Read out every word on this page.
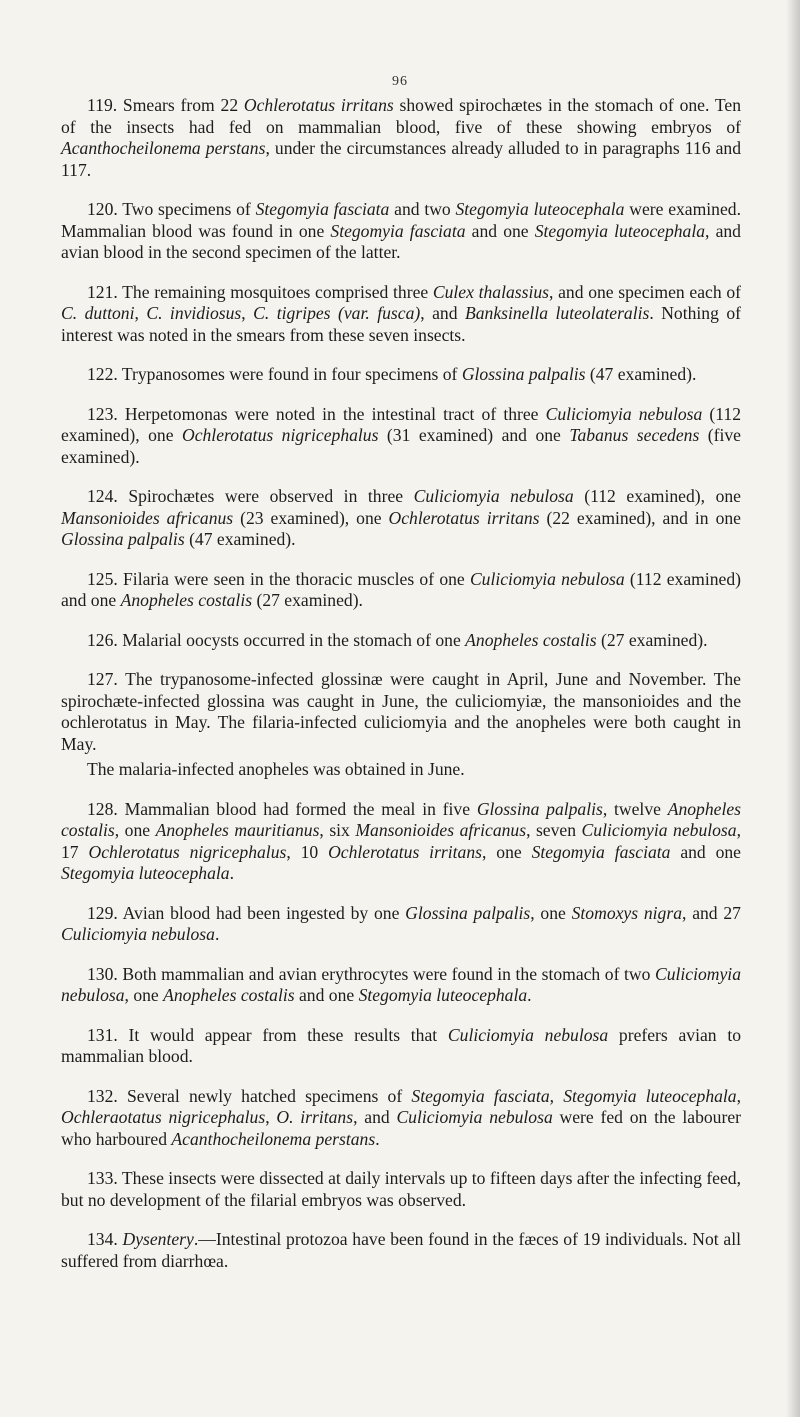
96

119. Smears from 22 Ochlerotatus irritans showed spirochætes in the stomach of one. Ten of the insects had fed on mammalian blood, five of these showing embryos of Acanthocheilonema perstans, under the circumstances already alluded to in paragraphs 116 and 117.

120. Two specimens of Stegomyia fasciata and two Stegomyia luteocephala were examined. Mammalian blood was found in one Stegomyia fasciata and one Stegomyia luteocephala, and avian blood in the second specimen of the latter.

121. The remaining mosquitoes comprised three Culex thalassius, and one specimen each of C. duttoni, C. invidiosus, C. tigripes (var. fusca), and Banksinella luteolateralis. Nothing of interest was noted in the smears from these seven insects.

122. Trypanosomes were found in four specimens of Glossina palpalis (47 examined).

123. Herpetomonas were noted in the intestinal tract of three Culiciomyia nebulosa (112 examined), one Ochlerotatus nigricephalus (31 examined) and one Tabanus secedens (five examined).

124. Spirochætes were observed in three Culiciomyia nebulosa (112 examined), one Mansonioides africanus (23 examined), one Ochlerotatus irritans (22 examined), and in one Glossina palpalis (47 examined).

125. Filaria were seen in the thoracic muscles of one Culiciomyia nebulosa (112 examined) and one Anopheles costalis (27 examined).

126. Malarial oocysts occurred in the stomach of one Anopheles costalis (27 examined).

127. The trypanosome-infected glossinæ were caught in April, June and November. The spirochæte-infected glossina was caught in June, the culiciomyiæ, the mansonioides and the ochlerotatus in May. The filaria-infected culiciomyia and the anopheles were both caught in May.

The malaria-infected anopheles was obtained in June.

128. Mammalian blood had formed the meal in five Glossina palpalis, twelve Anopheles costalis, one Anopheles mauritianus, six Mansonioides africanus, seven Culiciomyia nebulosa, 17 Ochlerotatus nigricephalus, 10 Ochlerotatus irritans, one Stegomyia fasciata and one Stegomyia luteocephala.

129. Avian blood had been ingested by one Glossina palpalis, one Stomoxys nigra, and 27 Culiciomyia nebulosa.

130. Both mammalian and avian erythrocytes were found in the stomach of two Culiciomyia nebulosa, one Anopheles costalis and one Stegomyia luteocephala.

131. It would appear from these results that Culiciomyia nebulosa prefers avian to mammalian blood.

132. Several newly hatched specimens of Stegomyia fasciata, Stegomyia luteocephala, Ochleraotatus nigricephalus, O. irritans, and Culiciomyia nebulosa were fed on the labourer who harboured Acanthocheilonema perstans.

133. These insects were dissected at daily intervals up to fifteen days after the infecting feed, but no development of the filarial embryos was observed.

134. Dysentery.—Intestinal protozoa have been found in the fæces of 19 individuals. Not all suffered from diarrhœa.
